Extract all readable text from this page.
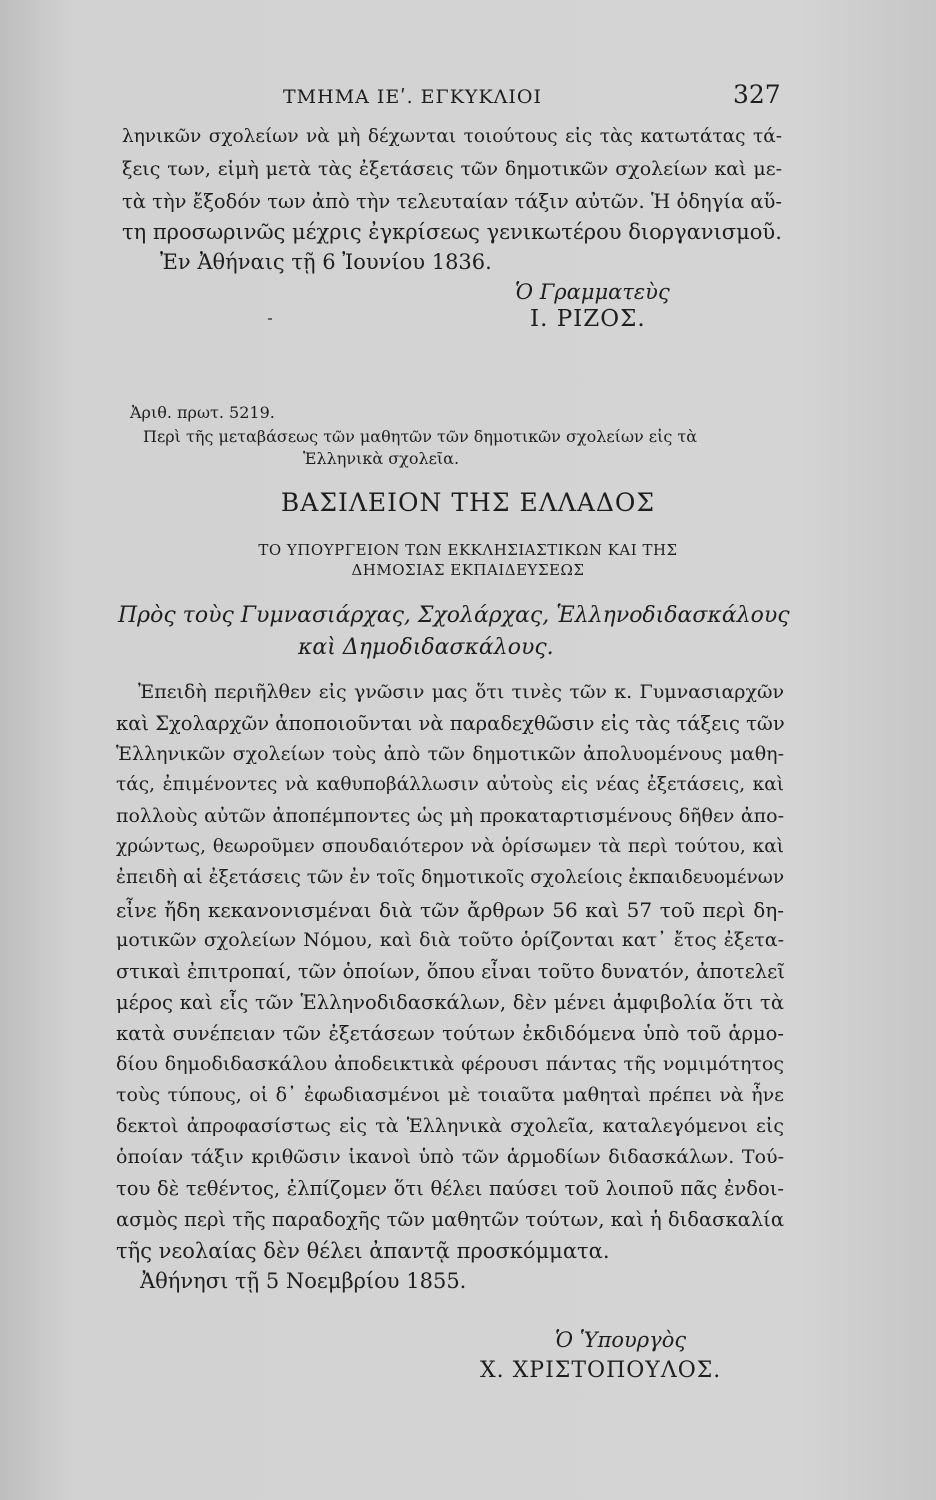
ΤΜΗΜΑ ΙΕʹ. ΕΓΚΥΚΛΙΟΙ	327
ληνικῶν σχολείων νὰ μὴ δέχωνται τοιούτους εἰς τὰς κατωτάτας τά-
ξεις των, εἰμὴ μετὰ τὰς ἐξετάσεις τῶν δημοτικῶν σχολείων καὶ με-
τὰ τὴν ἔξοδόν των ἀπὸ τὴν τελευταίαν τάξιν αὐτῶν. Ἡ ὁδηγία αὕ-
τη προσωρινῶς μέχρις ἐγκρίσεως γενικωτέρου διοργανισμοῦ.
Ἐν Ἀθήναις τῇ 6 Ἰουνίου 1836.
Ὁ Γραμματεὺς
Ι. ΡΙΖΟΣ.
Ἀριθ. πρωτ. 5219.
Περὶ τῆς μεταβάσεως τῶν μαθητῶν τῶν δημοτικῶν σχολείων εἰς τὰ
Ἑλληνικὰ σχολεῖα.
ΒΑΣΙΛΕΙΟΝ ΤΗΣ ΕΛΛΑΔΟΣ
ΤΟ ΥΠΟΥΡΓΕΙΟΝ ΤΩΝ ΕΚΚΛΗΣΙΑΣΤΙΚΩΝ ΚΑΙ ΤΗΣ
ΔΗΜΟΣΙΑΣ ΕΚΠΑΙΔΕΥΣΕΩΣ
Πρὸς τοὺς Γυμνασιάρχας, Σχολάρχας, Ἑλληνοδιδασκάλους
καὶ Δημοδιδασκάλους.
Ἐπειδὴ περιῆλθεν εἰς γνῶσιν μας ὅτι τινὲς τῶν κ. Γυμνασιαρχῶν
καὶ Σχολαρχῶν ἀποποιοῦνται νὰ παραδεχθῶσιν εἰς τὰς τάξεις τῶν
Ἑλληνικῶν σχολείων τοὺς ἀπὸ τῶν δημοτικῶν ἀπολυομένους μαθη-
τάς, ἐπιμένοντες νὰ καθυποβάλλωσιν αὐτοὺς εἰς νέας ἐξετάσεις, καὶ
πολλοὺς αὐτῶν ἀποπέμποντες ὡς μὴ προκαταρτισμένους δῆθεν ἀπο-
χρώντως, θεωροῦμεν σπουδαιότερον νὰ ὁρίσωμεν τὰ περὶ τούτου, καὶ
ἐπειδὴ αἱ ἐξετάσεις τῶν ἐν τοῖς δημοτικοῖς σχολείοις ἐκπαιδευομένων
εἶνε ἤδη κεκανονισμέναι διὰ τῶν ἄρθρων 56 καὶ 57 τοῦ περὶ δη-
μοτικῶν σχολείων Νόμου, καὶ διὰ τοῦτο ὁρίζονται κατ᾽ ἔτος ἐξετα-
στικαὶ ἐπιτροπαί, τῶν ὁποίων, ὅπου εἶναι τοῦτο δυνατόν, ἀποτελεῖ
μέρος καὶ εἷς τῶν Ἑλληνοδιδασκάλων, δὲν μένει ἀμφιβολία ὅτι τὰ
κατὰ συνέπειαν τῶν ἐξετάσεων τούτων ἐκδιδόμενα ὑπὸ τοῦ ἁρμο-
δίου δημοδιδασκάλου ἀποδεικτικὰ φέρουσι πάντας τῆς νομιμότητος
τοὺς τύπους, οἱ δ᾽ ἐφωδιασμένοι μὲ τοιαῦτα μαθηταὶ πρέπει νὰ ἦνε
δεκτοὶ ἀπροφασίστως εἰς τὰ Ἑλληνικὰ σχολεῖα, καταλεγόμενοι εἰς
ὁποίαν τάξιν κριθῶσιν ἱκανοὶ ὑπὸ τῶν ἁρμοδίων διδασκάλων. Τού-
του δὲ τεθέντος, ἐλπίζομεν ὅτι θέλει παύσει τοῦ λοιποῦ πᾶς ἐνδοι-
ασμὸς περὶ τῆς παραδοχῆς τῶν μαθητῶν τούτων, καὶ ἡ διδασκαλία
τῆς νεολαίας δὲν θέλει ἀπαντᾷ προσκόμματα.
Ἀθήνησι τῇ 5 Νοεμβρίου 1855.
Ὁ Ὑπουργὸς
Χ. ΧΡΙΣΤΟΠΟΥΛΟΣ.
